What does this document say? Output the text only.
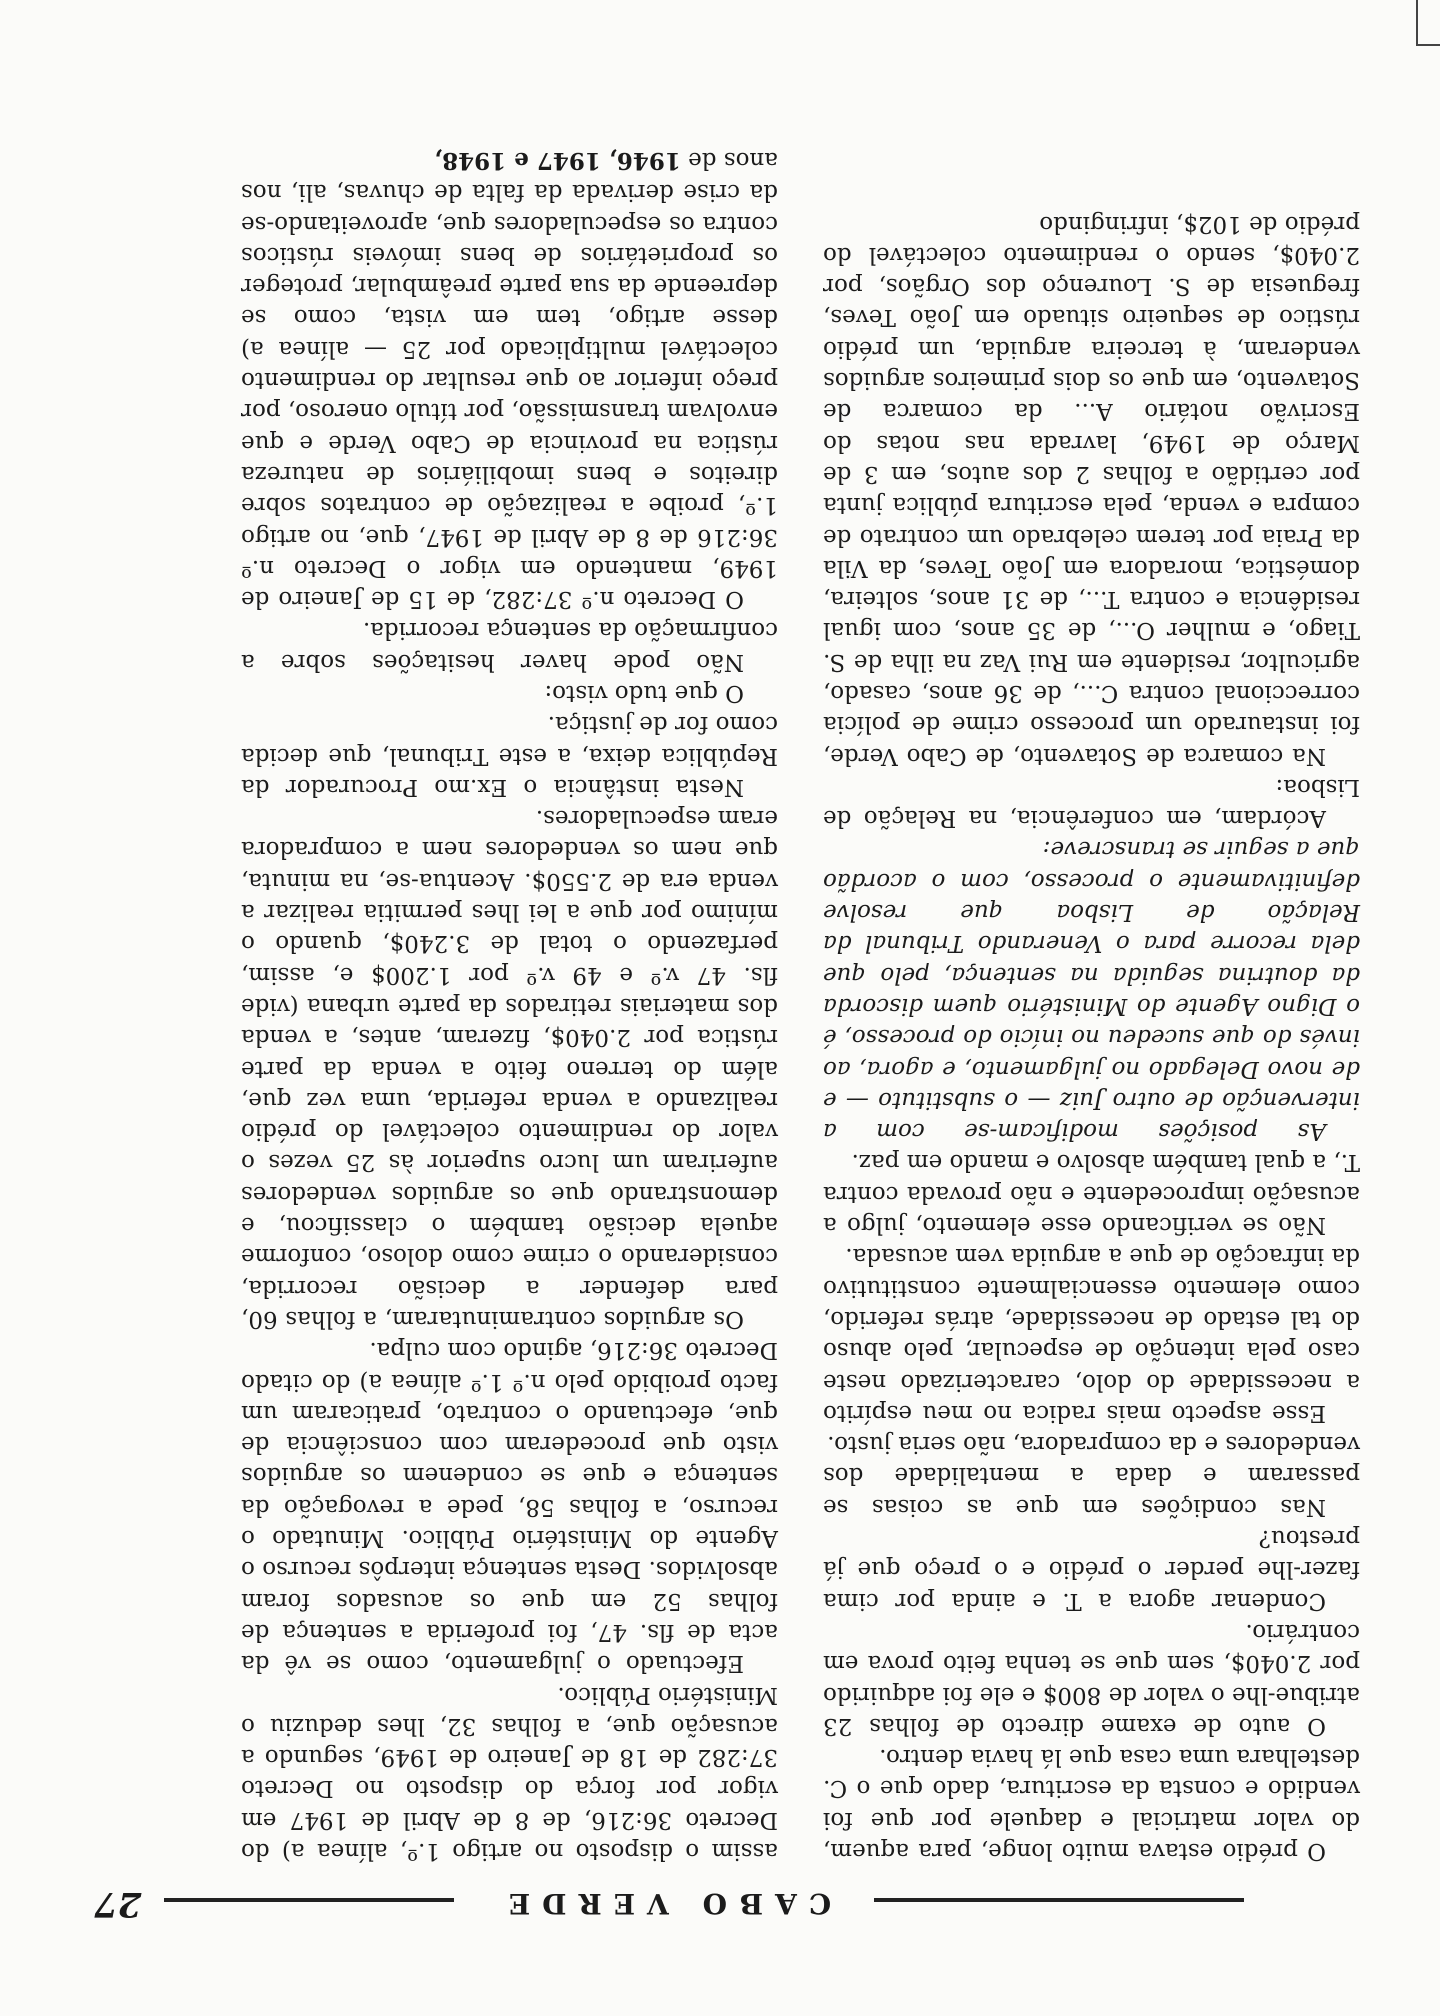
CABO VERDE
27

O prédio estava muito longe, para aquem, do valor matricial e daquele por que foi vendido e consta da escritura, dado que o C. destelhara uma casa que lá havia dentro.

O auto de exame directo de folhas 23 atribue-lhe o valor de 800$ e ele foi adquirido por 2.040$, sem que se tenha feito prova em contrário.

Condenar agora a T. e ainda por cima fazer-lhe perder o prédio e o preço que já prestou?

Nas condições em que as coisas se passaram e dada a mentalidade dos vendedores e da compradora, não seria justo.

Esse aspecto mais radica no meu espírito a necessidade do dolo, caracterizado neste caso pela intenção de especular, pelo abuso do tal estado de necessidade, atrás referido, como elemento essencialmente constitutivo da infracção de que a arguida vem acusada.

Não se verificando esse elemento, julgo a acusação improcedente e não provada contra T., a qual também absolvo e mando em paz.

As posições modificam-se com a intervenção de outro Juiz — o substituto — e de novo Delegado no julgamento, e agora, ao invés do que sucedeu no início do processo, é o Digno Agente do Ministério quem discorda da doutrina seguida na sentença, pelo que dela recorre para o Venerando Tribunal da Relação de Lisboa que resolve definitivamente o processo, com o acordão que a seguir se transcreve:

Acórdam, em conferência, na Relação de Lisboa:

Na comarca de Sotavento, de Cabo Verde, foi instaurado um processo crime de polícia correccional contra C..., de 36 anos, casado, agricultor, residente em Rui Vaz na ilha de S. Tiago, e mulher O..., de 35 anos, com igual residência e contra T..., de 31 anos, solteira, doméstica, moradora em João Teves, da Vila da Praia por terem celebrado um contrato de compra e venda, pela escritura pública junta por certidão a folhas 2 dos autos, em 3 de Março de 1949, lavrada nas notas do Escrivão notário A... da comarca de Sotavento, em que os dois primeiros arguidos venderam, à terceira arguida, um prédio rústico de sequeiro situado em João Teves, freguesia de S. Lourenço dos Orgãos, por 2.040$, sendo o rendimento colectável do prédio de 102$, infringindo

assim o disposto no artigo 1.º, alínea a) do Decreto 36:216, de 8 de Abril de 1947 em vigor por força do disposto no Decreto 37:282 de 18 de Janeiro de 1949, segundo a acusação que, a folhas 32, lhes deduziu o Ministério Público.

Efectuado o julgamento, como se vê da acta de fls. 47, foi proferida a sentença de folhas 52 em que os acusados foram absolvidos. Desta sentença interpôs recurso o Agente do Ministério Público. Minutado o recurso, a folhas 58, pede a revogação da sentença e que se condenem os arguidos visto que procederam com consciência de que, efectuando o contrato, praticaram um facto proibido pelo n.º 1.º alínea a) do citado Decreto 36:216, agindo com culpa.

Os arguidos contraminutaram, a folhas 60, para defender a decisão recorrida, considerando o crime como doloso, conforme aquela decisão também o classificou, e demonstrando que os arguidos vendedores auferiram um lucro superior às 25 vezes o valor do rendimento colectável do prédio realizando a venda referida, uma vez que, além do terreno feito a venda da parte rústica por 2.040$, fizeram, antes, a venda dos materiais retirados da parte urbana (vide fls. 47 v.º e 49 v.º por 1.200$ e, assim, perfazendo o total de 3.240$, quando o mínimo por que a lei lhes permitia realizar a venda era de 2.550$. Acentua-se, na minuta, que nem os vendedores nem a compradora eram especuladores.

Nesta instância o Ex.mo Procurador da República deixa, a este Tribunal, que decida como for de justiça.

O que tudo visto:

Não pode haver hesitações sobre a confirmação da sentença recorrida.

O Decreto n.º 37:282, de 15 de Janeiro de 1949, mantendo em vigor o Decreto n.º 36:216 de 8 de Abril de 1947, que, no artigo 1.º, proibe a realização de contratos sobre direitos e bens imobiliários de natureza rústica na provincia de Cabo Verde e que envolvam transmissão, por título oneroso, por preço inferior ao que resultar do rendimento colectável multiplicado por 25 — alínea a) desse artigo, tem em vista, como se depreende da sua parte preâmbular, proteger os proprietários de bens imóveis rústicos contra os especuladores que, aproveitando-se da crise derivada da falta de chuvas, ali, nos anos de 1946, 1947 e 1948,
